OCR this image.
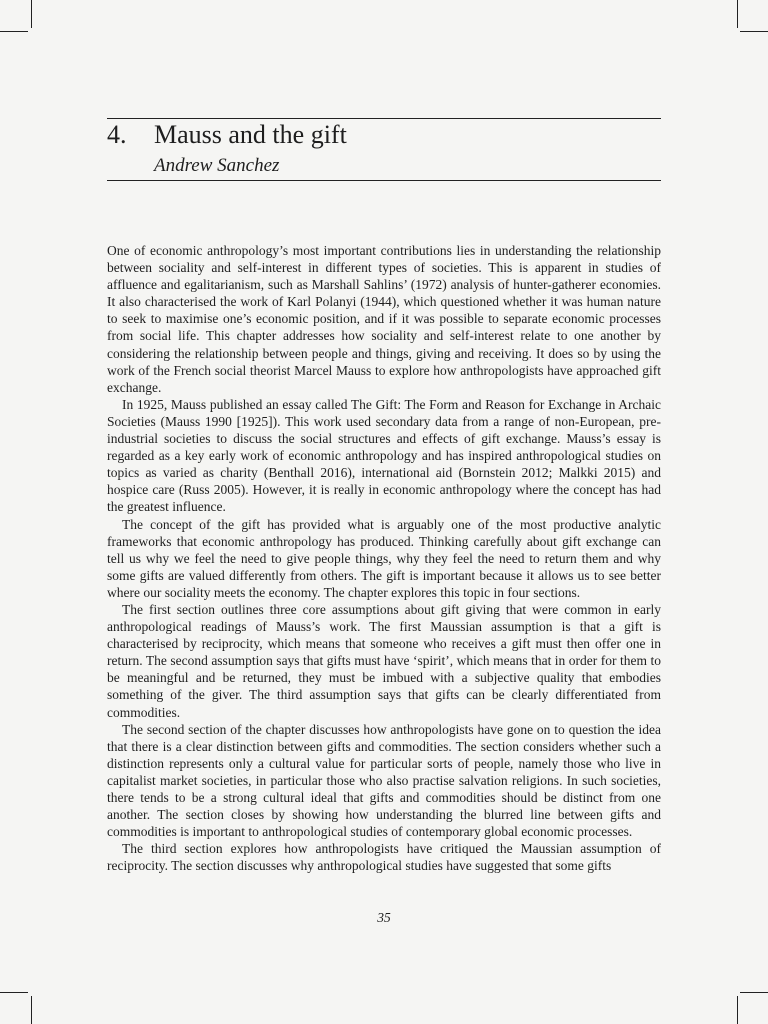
4. Mauss and the gift
Andrew Sanchez

One of economic anthropology’s most important contributions lies in understanding the relationship between sociality and self-interest in different types of societies. This is apparent in studies of affluence and egalitarianism, such as Marshall Sahlins’ (1972) analysis of hunter-gatherer economies. It also characterised the work of Karl Polanyi (1944), which questioned whether it was human nature to seek to maximise one’s economic position, and if it was possible to separate economic processes from social life. This chapter addresses how sociality and self-interest relate to one another by considering the relationship between people and things, giving and receiving. It does so by using the work of the French social theorist Marcel Mauss to explore how anthropologists have approached gift exchange.

In 1925, Mauss published an essay called The Gift: The Form and Reason for Exchange in Archaic Societies (Mauss 1990 [1925]). This work used secondary data from a range of non-European, pre-industrial societies to discuss the social structures and effects of gift exchange. Mauss’s essay is regarded as a key early work of economic anthropology and has inspired anthropological studies on topics as varied as charity (Benthall 2016), international aid (Bornstein 2012; Malkki 2015) and hospice care (Russ 2005). However, it is really in economic anthropology where the concept has had the greatest influence.

The concept of the gift has provided what is arguably one of the most productive analytic frameworks that economic anthropology has produced. Thinking carefully about gift exchange can tell us why we feel the need to give people things, why they feel the need to return them and why some gifts are valued differently from others. The gift is important because it allows us to see better where our sociality meets the economy. The chapter explores this topic in four sections.

The first section outlines three core assumptions about gift giving that were common in early anthropological readings of Mauss’s work. The first Maussian assumption is that a gift is characterised by reciprocity, which means that someone who receives a gift must then offer one in return. The second assumption says that gifts must have ‘spirit’, which means that in order for them to be meaningful and be returned, they must be imbued with a subjective quality that embodies something of the giver. The third assumption says that gifts can be clearly differentiated from commodities.

The second section of the chapter discusses how anthropologists have gone on to question the idea that there is a clear distinction between gifts and commodities. The section considers whether such a distinction represents only a cultural value for particular sorts of people, namely those who live in capitalist market societies, in particular those who also practise salvation religions. In such societies, there tends to be a strong cultural ideal that gifts and commodities should be distinct from one another. The section closes by showing how understanding the blurred line between gifts and commodities is important to anthropological studies of contemporary global economic processes.

The third section explores how anthropologists have critiqued the Maussian assumption of reciprocity. The section discusses why anthropological studies have suggested that some gifts

35
